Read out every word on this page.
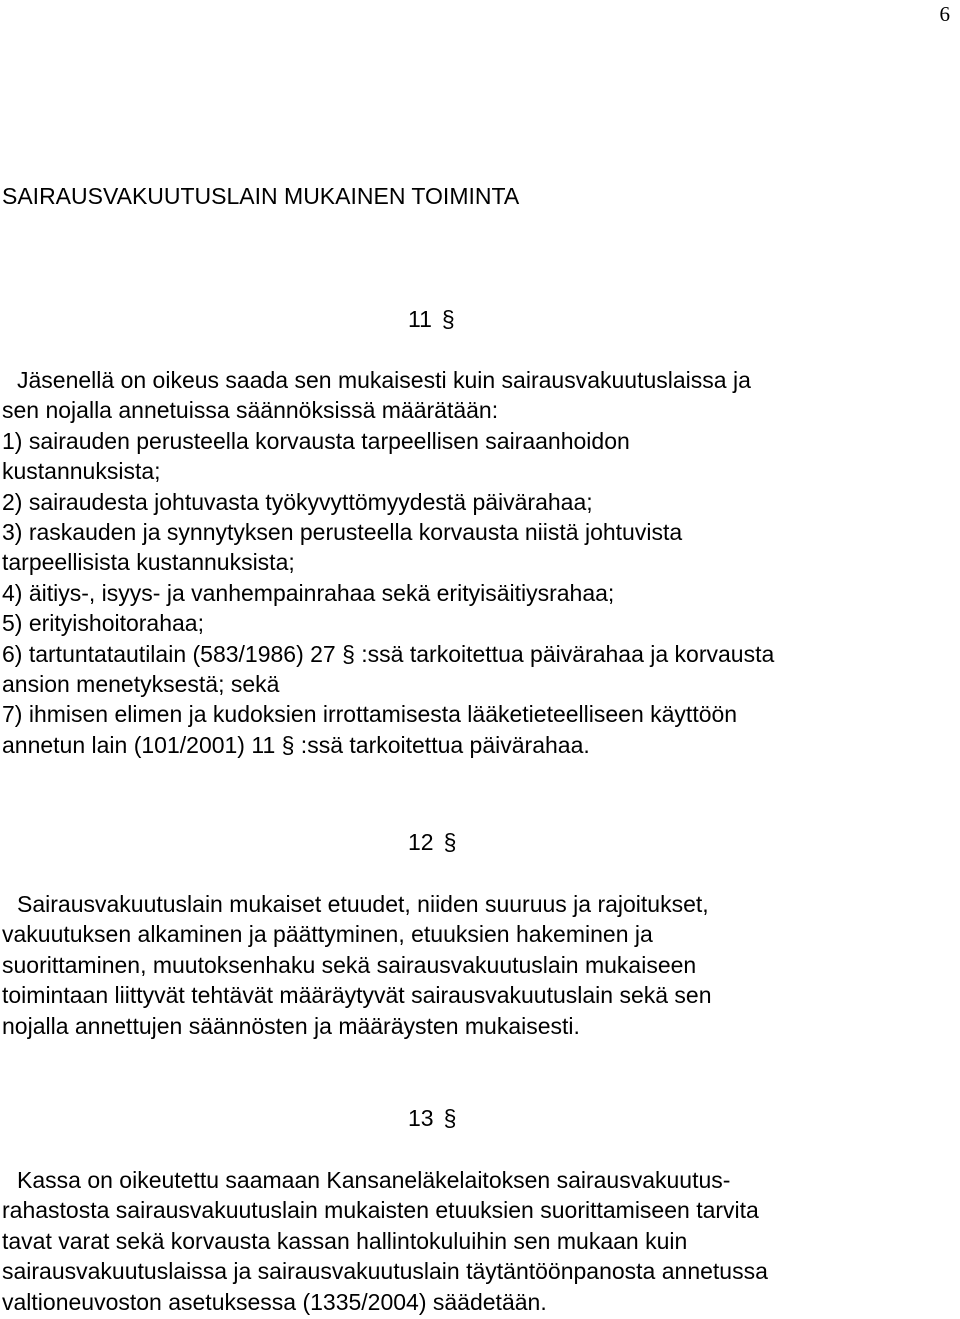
6
SAIRAUSVAKUUTUSLAIN MUKAINEN TOIMINTA
11 §
Jäsenellä on oikeus saada sen mukaisesti kuin sairausvakuutuslaissa ja
sen nojalla annetuissa säännöksissä määrätään:
1) sairauden perusteella korvausta tarpeellisen sairaanhoidon
kustannuksista;
2) sairaudesta johtuvasta työkyvyttömyydestä päivärahaa;
3) raskauden ja synnytyksen perusteella korvausta niistä johtuvista
tarpeellisista kustannuksista;
4) äitiys-, isyys- ja vanhempainrahaa sekä erityisäitiysrahaa;
5) erityishoitorahaa;
6) tartuntatautilain (583/1986) 27 § :ssä tarkoitettua päivärahaa ja korvausta
ansion menetyksestä; sekä
7) ihmisen elimen ja kudoksien irrottamisesta lääketieteelliseen käyttöön
annetun lain (101/2001) 11 § :ssä tarkoitettua päivärahaa.
12 §
Sairausvakuutuslain mukaiset etuudet, niiden suuruus ja rajoitukset,
vakuutuksen alkaminen ja päättyminen, etuuksien hakeminen ja
suorittaminen, muutoksenhaku sekä sairausvakuutuslain mukaiseen
toimintaan liittyvät tehtävät määräytyvät sairausvakuutuslain sekä sen
nojalla annettujen säännösten ja määräysten mukaisesti.
13 §
Kassa on oikeutettu saamaan Kansaneläkelaitoksen sairausvakuutus-
rahastosta sairausvakuutuslain mukaisten etuuksien suorittamiseen tarvita
tavat varat sekä korvausta kassan hallintokuluihin sen mukaan kuin
sairausvakuutuslaissa ja sairausvakuutuslain täytäntöönpanosta annetussa
valtioneuvoston asetuksessa (1335/2004) säädetään.
